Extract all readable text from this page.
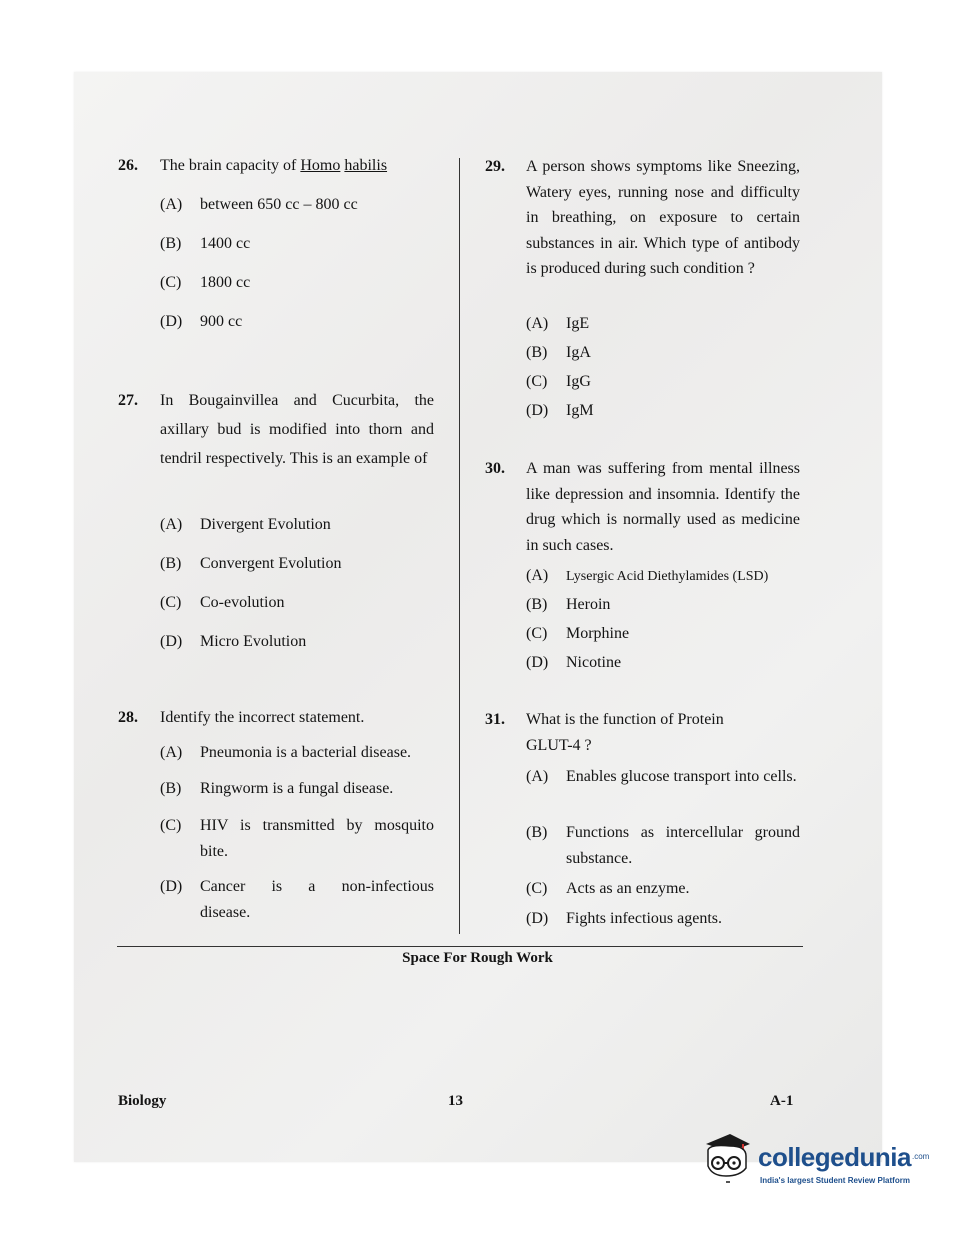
26. The brain capacity of Homo habilis
(A) between 650 cc – 800 cc
(B) 1400 cc
(C) 1800 cc
(D) 900 cc
27. In Bougainvillea and Cucurbita, the axillary bud is modified into thorn and tendril respectively. This is an example of
(A) Divergent Evolution
(B) Convergent Evolution
(C) Co-evolution
(D) Micro Evolution
28. Identify the incorrect statement.
(A) Pneumonia is a bacterial disease.
(B) Ringworm is a fungal disease.
(C) HIV is transmitted by mosquito bite.
(D) Cancer is a non-infectious disease.
29. A person shows symptoms like Sneezing, Watery eyes, running nose and difficulty in breathing, on exposure to certain substances in air. Which type of antibody is produced during such condition ?
(A) IgE
(B) IgA
(C) IgG
(D) IgM
30. A man was suffering from mental illness like depression and insomnia. Identify the drug which is normally used as medicine in such cases.
(A) Lysergic Acid Diethylamides (LSD)
(B) Heroin
(C) Morphine
(D) Nicotine
31. What is the function of Protein GLUT-4 ?
(A) Enables glucose transport into cells.
(B) Functions as intercellular ground substance.
(C) Acts as an enzyme.
(D) Fights infectious agents.
Space For Rough Work
Biology	13	A-1
collegedunia .com
India's largest Student Review Platform
